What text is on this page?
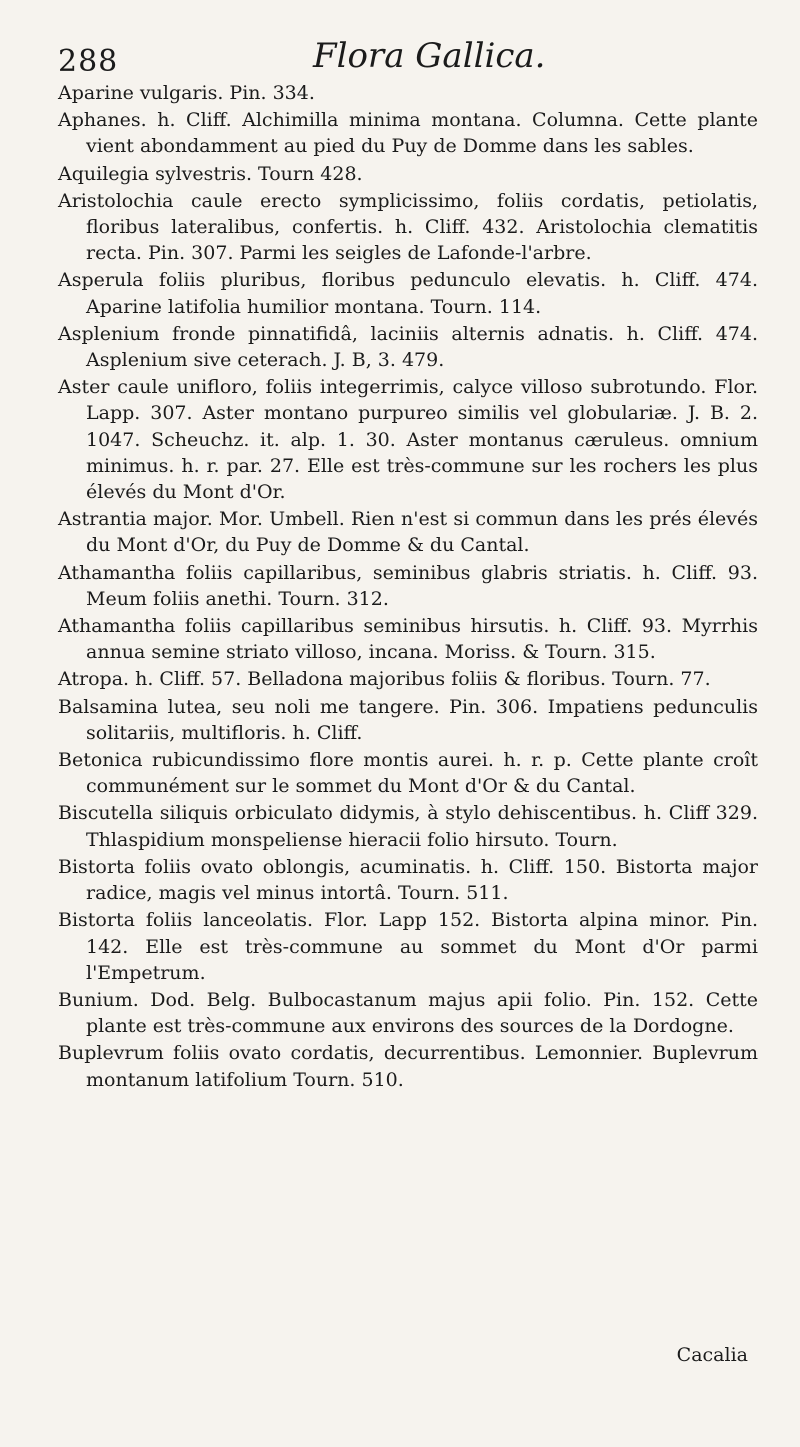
288	Flora Gallica.

Aparine vulgaris. Pin. 334.

Aphanes. h. Cliff. Alchimilla minima montana. Columna. Cette plante vient abondamment au pied du Puy de Domme dans les sables.

Aquilegia sylvestris. Tourn 428.

Aristolochia caule erecto symplicissimo, foliis cordatis, petiolatis, floribus lateralibus, confertis. h. Cliff. 432. Aristolochia clematitis recta. Pin. 307. Parmi les seigles de Lafonde-l'arbre.

Asperula foliis pluribus, floribus pedunculo elevatis. h. Cliff. 474. Aparine latifolia humilior montana. Tourn. 114.

Asplenium fronde pinnatifidâ, laciniis alternis adnatis. h. Cliff. 474. Asplenium sive ceterach. J. B, 3. 479.

Aster caule unifloro, foliis integerrimis, calyce villoso subrotundo. Flor. Lapp. 307. Aster montano purpureo similis vel globulariæ. J. B. 2. 1047. Scheuchz. it. alp. 1. 30. Aster montanus cæruleus. omnium minimus. h. r. par. 27. Elle est très-commune sur les rochers les plus élevés du Mont d'Or.

Astrantia major. Mor. Umbell. Rien n'est si commun dans les prés élevés du Mont d'Or, du Puy de Domme & du Cantal.

Athamantha foliis capillaribus, seminibus glabris striatis. h. Cliff. 93. Meum foliis anethi. Tourn. 312.

Athamantha foliis capillaribus seminibus hirsutis. h. Cliff. 93. Myrrhis annua semine striato villoso, incana. Moriss. & Tourn. 315.

Atropa. h. Cliff. 57. Belladona majoribus foliis & floribus. Tourn. 77.

Balsamina lutea, seu noli me tangere. Pin. 306. Impatiens pedunculis solitariis, multifloris. h. Cliff.

Betonica rubicundissimo flore montis aurei. h. r. p. Cette plante croît communément sur le sommet du Mont d'Or & du Cantal.

Biscutella siliquis orbiculato didymis, à stylo dehiscentibus. h. Cliff 329. Thlaspidium monspeliense hieracii folio hirsuto. Tourn.

Bistorta foliis ovato oblongis, acuminatis. h. Cliff. 150. Bistorta major radice, magis vel minus intortâ. Tourn. 511.

Bistorta foliis lanceolatis. Flor. Lapp 152. Bistorta alpina minor. Pin. 142. Elle est très-commune au sommet du Mont d'Or parmi l'Empetrum.

Bunium. Dod. Belg. Bulbocastanum majus apii folio. Pin. 152. Cette plante est très-commune aux environs des sources de la Dordogne.

Buplevrum foliis ovato cordatis, decurrentibus. Lemonnier. Buplevrum montanum latifolium Tourn. 510.

Cacalia
